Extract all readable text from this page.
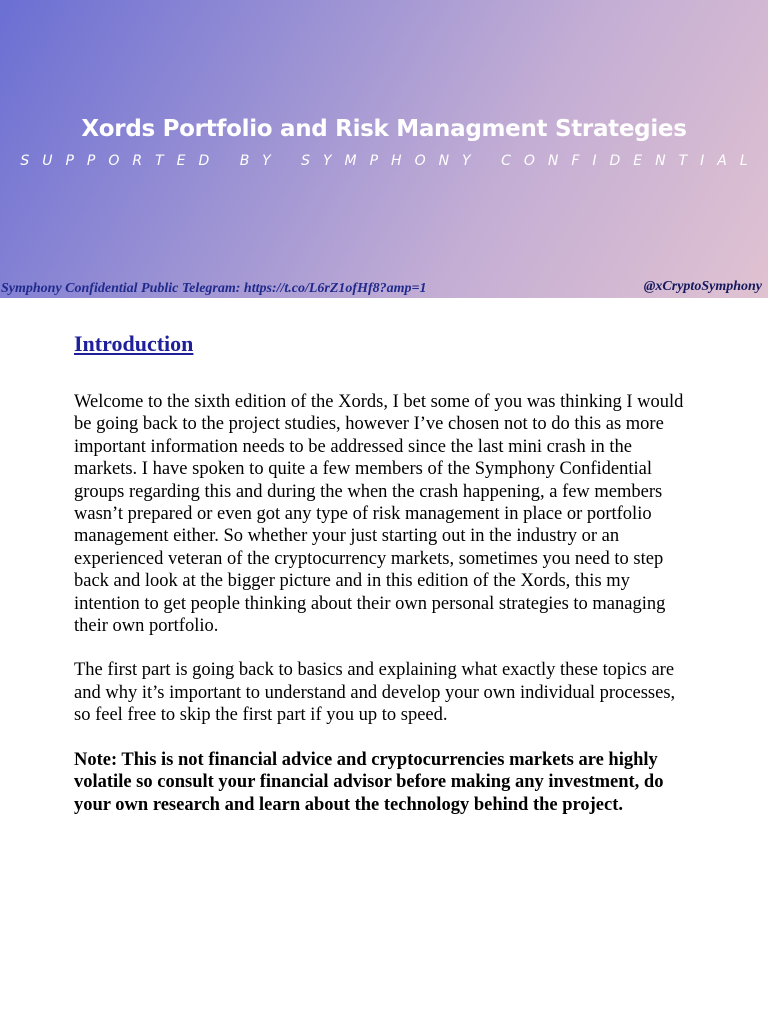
Xords Portfolio and Risk Managment Strategies
SUPPORTED BY SYMPHONY CONFIDENTIAL
Symphony Confidential Public Telegram: https://t.co/L6rZ1ofHf8?amp=1	@xCryptoSymphony
Introduction

Welcome to the sixth edition of the Xords, I bet some of you was thinking I would be going back to the project studies, however I’ve chosen not to do this as more important information needs to be addressed since the last mini crash in the markets. I have spoken to quite a few members of the Symphony Confidential groups regarding this and during the when the crash happening, a few members wasn’t prepared or even got any type of risk management in place or portfolio management either. So whether your just starting out in the industry or an experienced veteran of the cryptocurrency markets, sometimes you need to step back and look at the bigger picture and in this edition of the Xords, this my intention to get people thinking about their own personal strategies to managing their own portfolio.

The first part is going back to basics and explaining what exactly these topics are and why it’s important to understand and develop your own individual processes, so feel free to skip the first part if you up to speed.

Note: This is not financial advice and cryptocurrencies markets are highly volatile so consult your financial advisor before making any investment, do your own research and learn about the technology behind the project.
